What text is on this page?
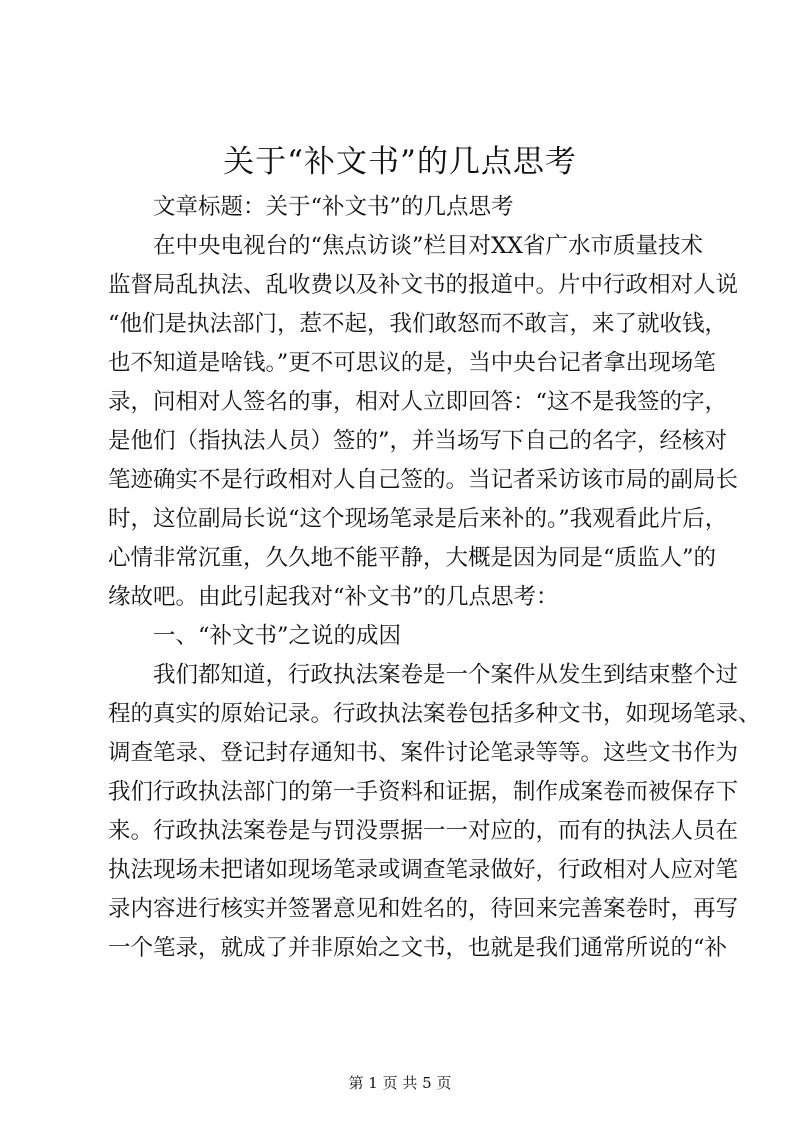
关于“补文书”的几点思考
　　文章标题：关于“补文书”的几点思考
　　在中央电视台的“焦点访谈”栏目对XX省广水市质量技术
监督局乱执法、乱收费以及补文书的报道中。片中行政相对人说
“他们是执法部门，惹不起，我们敢怒而不敢言，来了就收钱，
也不知道是啥钱。”更不可思议的是，当中央台记者拿出现场笔
录，问相对人签名的事，相对人立即回答：“这不是我签的字，
是他们（指执法人员）签的”，并当场写下自己的名字，经核对
笔迹确实不是行政相对人自己签的。当记者采访该市局的副局长
时，这位副局长说“这个现场笔录是后来补的。”我观看此片后，
心情非常沉重，久久地不能平静，大概是因为同是“质监人”的
缘故吧。由此引起我对“补文书”的几点思考：
　　一、“补文书”之说的成因
　　我们都知道，行政执法案卷是一个案件从发生到结束整个过
程的真实的原始记录。行政执法案卷包括多种文书，如现场笔录、
调查笔录、登记封存通知书、案件讨论笔录等等。这些文书作为
我们行政执法部门的第一手资料和证据，制作成案卷而被保存下
来。行政执法案卷是与罚没票据一一对应的，而有的执法人员在
执法现场未把诸如现场笔录或调查笔录做好，行政相对人应对笔
录内容进行核实并签署意见和姓名的，待回来完善案卷时，再写
一个笔录，就成了并非原始之文书，也就是我们通常所说的“补
第 1 页 共 5 页
